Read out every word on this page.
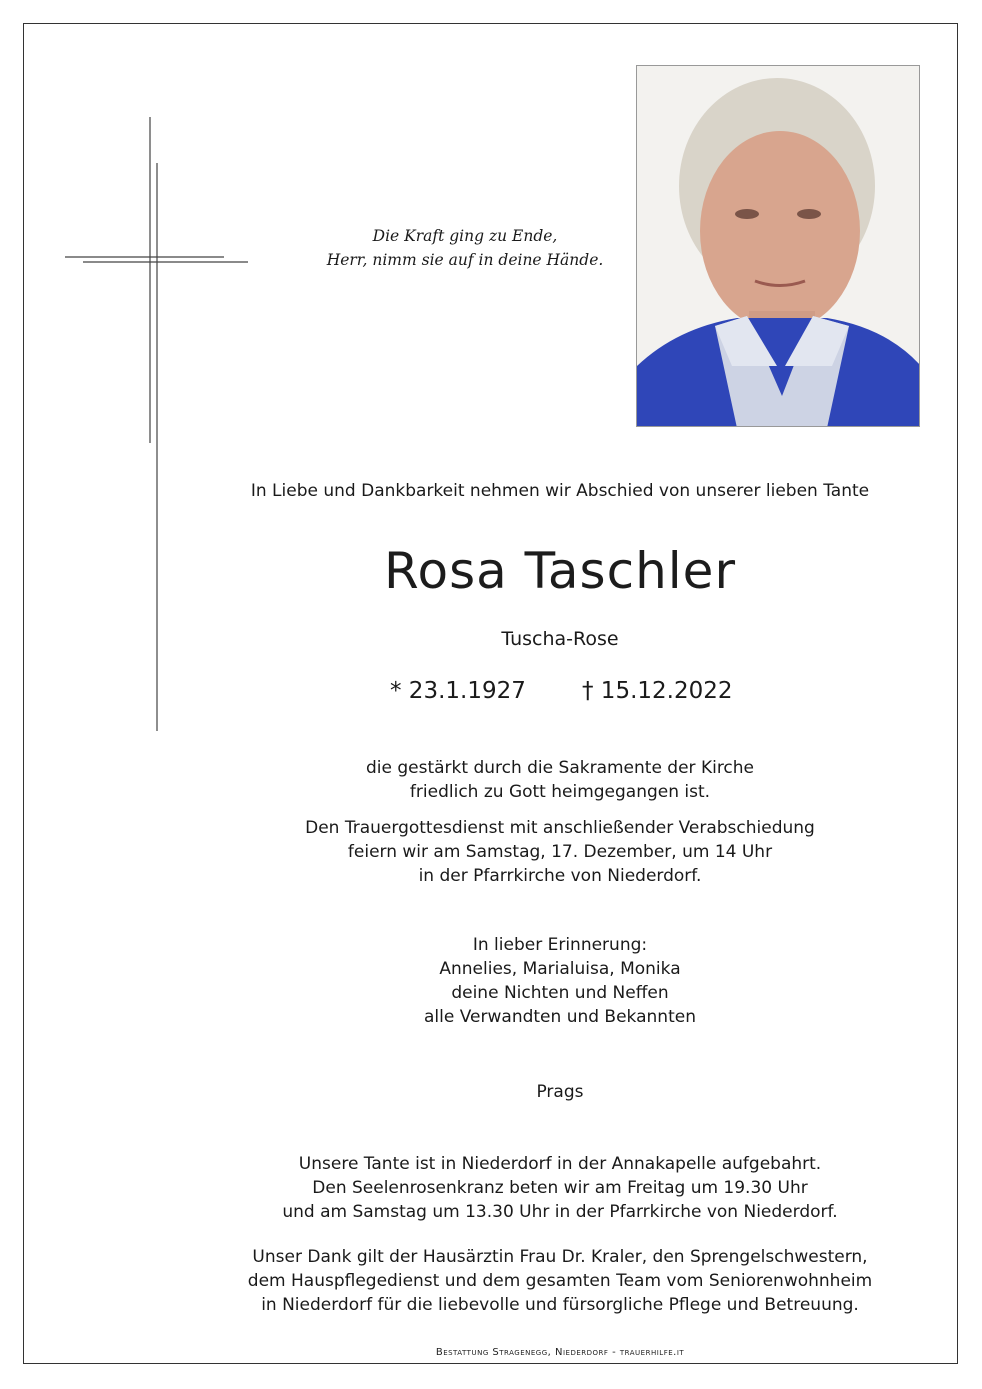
Die Kraft ging zu Ende,
Herr, nimm sie auf in deine Hände.
In Liebe und Dankbarkeit nehmen wir Abschied von unserer lieben Tante
Rosa Taschler
Tuscha-Rose
* 23.1.1927 † 15.12.2022
die gestärkt durch die Sakramente der Kirche
friedlich zu Gott heimgegangen ist.
Den Trauergottesdienst mit anschließender Verabschiedung
feiern wir am Samstag, 17. Dezember, um 14 Uhr
in der Pfarrkirche von Niederdorf.
In lieber Erinnerung:
Annelies, Marialuisa, Monika
deine Nichten und Neffen
alle Verwandten und Bekannten
Prags
Unsere Tante ist in Niederdorf in der Annakapelle aufgebahrt.
Den Seelenrosenkranz beten wir am Freitag um 19.30 Uhr
und am Samstag um 13.30 Uhr in der Pfarrkirche von Niederdorf.
Unser Dank gilt der Hausärztin Frau Dr. Kraler, den Sprengelschwestern,
dem Hauspflegedienst und dem gesamten Team vom Seniorenwohnheim
in Niederdorf für die liebevolle und fürsorgliche Pflege und Betreuung.
Bestattung Stragenegg, Niederdorf - trauerhilfe.it
